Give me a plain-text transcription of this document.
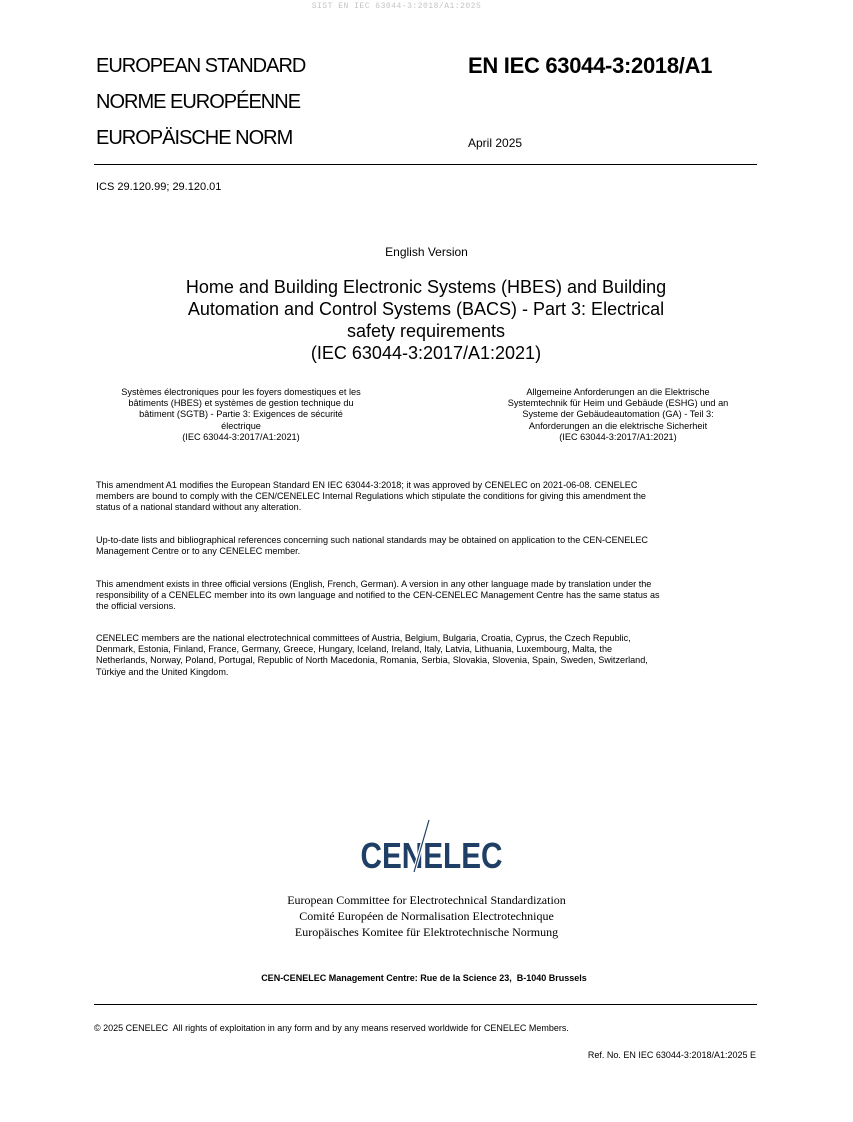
SIST EN IEC 63044-3:2018/A1:2025
EUROPEAN STANDARD
NORME EUROPÉENNE
EUROPÄISCHE NORM
EN IEC 63044-3:2018/A1
April 2025
ICS 29.120.99; 29.120.01
English Version
Home and Building Electronic Systems (HBES) and Building
Automation and Control Systems (BACS) - Part 3: Electrical
safety requirements
(IEC 63044-3:2017/A1:2021)
Systèmes électroniques pour les foyers domestiques et les
bâtiments (HBES) et systèmes de gestion technique du
bâtiment (SGTB) - Partie 3: Exigences de sécurité
électrique
(IEC 63044-3:2017/A1:2021)
Allgemeine Anforderungen an die Elektrische
Systemtechnik für Heim und Gebäude (ESHG) und an
Systeme der Gebäudeautomation (GA) - Teil 3:
Anforderungen an die elektrische Sicherheit
(IEC 63044-3:2017/A1:2021)
This amendment A1 modifies the European Standard EN IEC 63044-3:2018; it was approved by CENELEC on 2021-06-08. CENELEC
members are bound to comply with the CEN/CENELEC Internal Regulations which stipulate the conditions for giving this amendment the
status of a national standard without any alteration.
Up-to-date lists and bibliographical references concerning such national standards may be obtained on application to the CEN-CENELEC
Management Centre or to any CENELEC member.
This amendment exists in three official versions (English, French, German). A version in any other language made by translation under the
responsibility of a CENELEC member into its own language and notified to the CEN-CENELEC Management Centre has the same status as
the official versions.
CENELEC members are the national electrotechnical committees of Austria, Belgium, Bulgaria, Croatia, Cyprus, the Czech Republic,
Denmark, Estonia, Finland, France, Germany, Greece, Hungary, Iceland, Ireland, Italy, Latvia, Lithuania, Luxembourg, Malta, the
Netherlands, Norway, Poland, Portugal, Republic of North Macedonia, Romania, Serbia, Slovakia, Slovenia, Spain, Sweden, Switzerland,
Türkiye and the United Kingdom.
CENELEC
European Committee for Electrotechnical Standardization
Comité Européen de Normalisation Electrotechnique
Europäisches Komitee für Elektrotechnische Normung
CEN-CENELEC Management Centre: Rue de la Science 23,  B-1040 Brussels
© 2025 CENELEC  All rights of exploitation in any form and by any means reserved worldwide for CENELEC Members.
Ref. No. EN IEC 63044-3:2018/A1:2025 E
